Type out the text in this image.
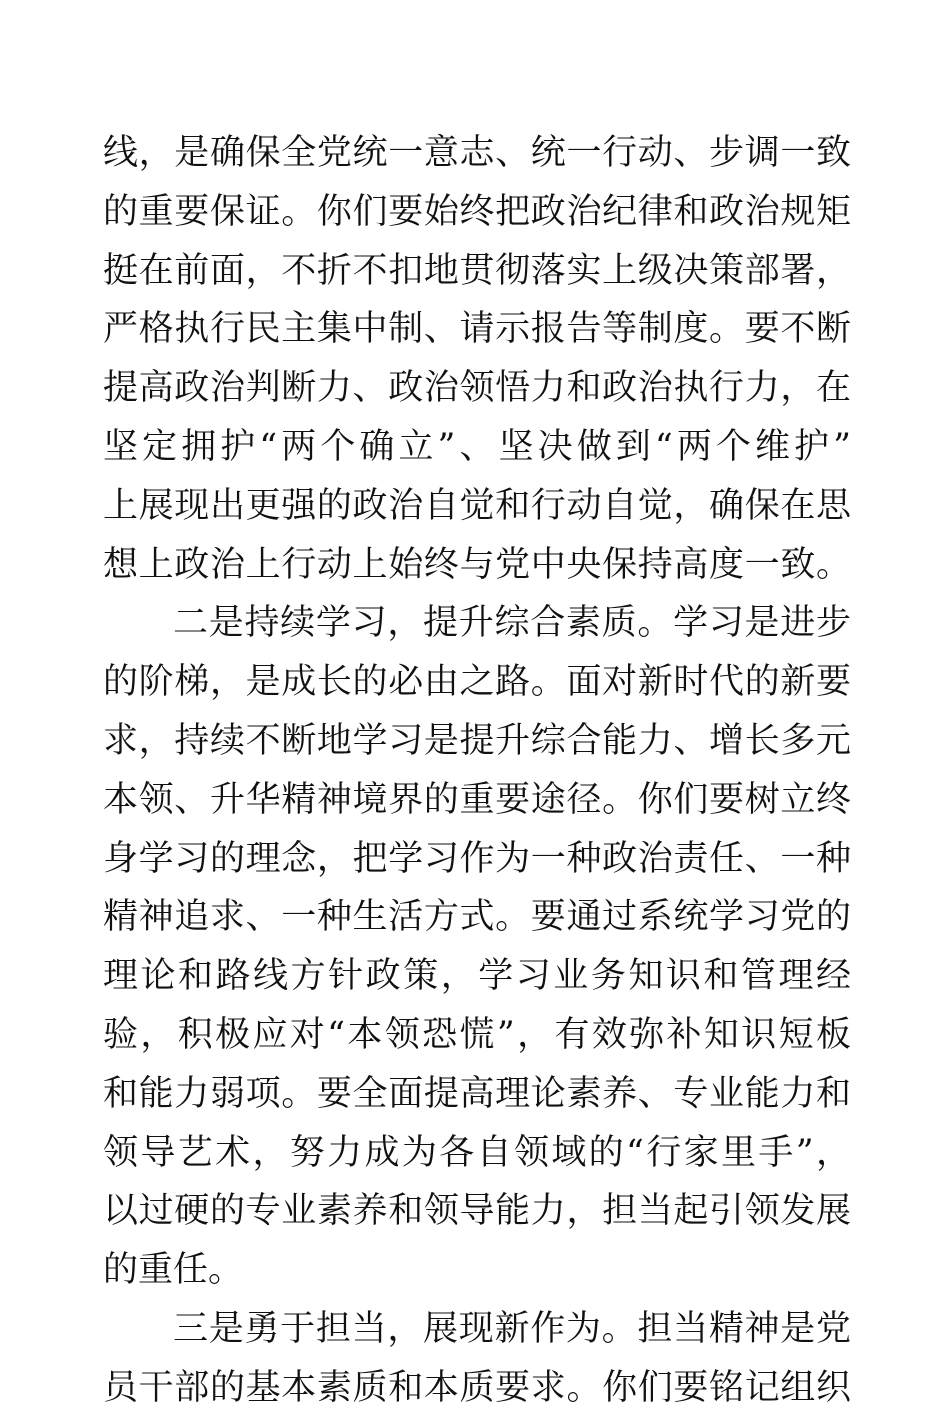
线，是确保全党统一意志、统一行动、步调一致
的重要保证。你们要始终把政治纪律和政治规矩
挺在前面，不折不扣地贯彻落实上级决策部署，
严格执行民主集中制、请示报告等制度。要不断
提高政治判断力、政治领悟力和政治执行力，在
坚定拥护“两个确立”、坚决做到“两个维护”
上展现出更强的政治自觉和行动自觉，确保在思
想上政治上行动上始终与党中央保持高度一致。
二是持续学习，提升综合素质。学习是进步
的阶梯，是成长的必由之路。面对新时代的新要
求，持续不断地学习是提升综合能力、增长多元
本领、升华精神境界的重要途径。你们要树立终
身学习的理念，把学习作为一种政治责任、一种
精神追求、一种生活方式。要通过系统学习党的
理论和路线方针政策，学习业务知识和管理经
验，积极应对“本领恐慌”，有效弥补知识短板
和能力弱项。要全面提高理论素养、专业能力和
领导艺术，努力成为各自领域的“行家里手”，
以过硬的专业素养和领导能力，担当起引领发展
的重任。
三是勇于担当，展现新作为。担当精神是党
员干部的基本素质和本质要求。你们要铭记组织
